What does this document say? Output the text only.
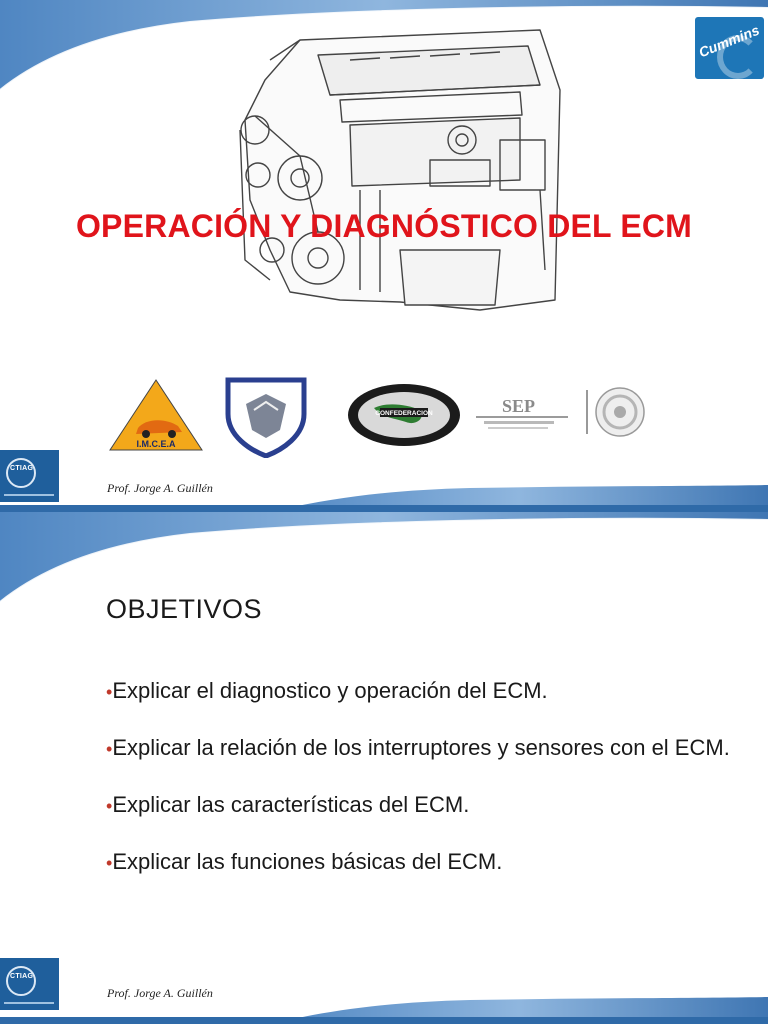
Cummins
OPERACIÓN Y DIAGNÓSTICO DEL ECM
I.M.C.E.A
CONFEDERACION	SEP
CTIAG
Prof. Jorge A. Guillén
OBJETIVOS
•Explicar el diagnostico y operación del ECM.
•Explicar la relación de los interruptores y sensores con el ECM.
•Explicar las características del ECM.
•Explicar las funciones básicas del ECM.
CTIAG
Prof. Jorge A. Guillén
